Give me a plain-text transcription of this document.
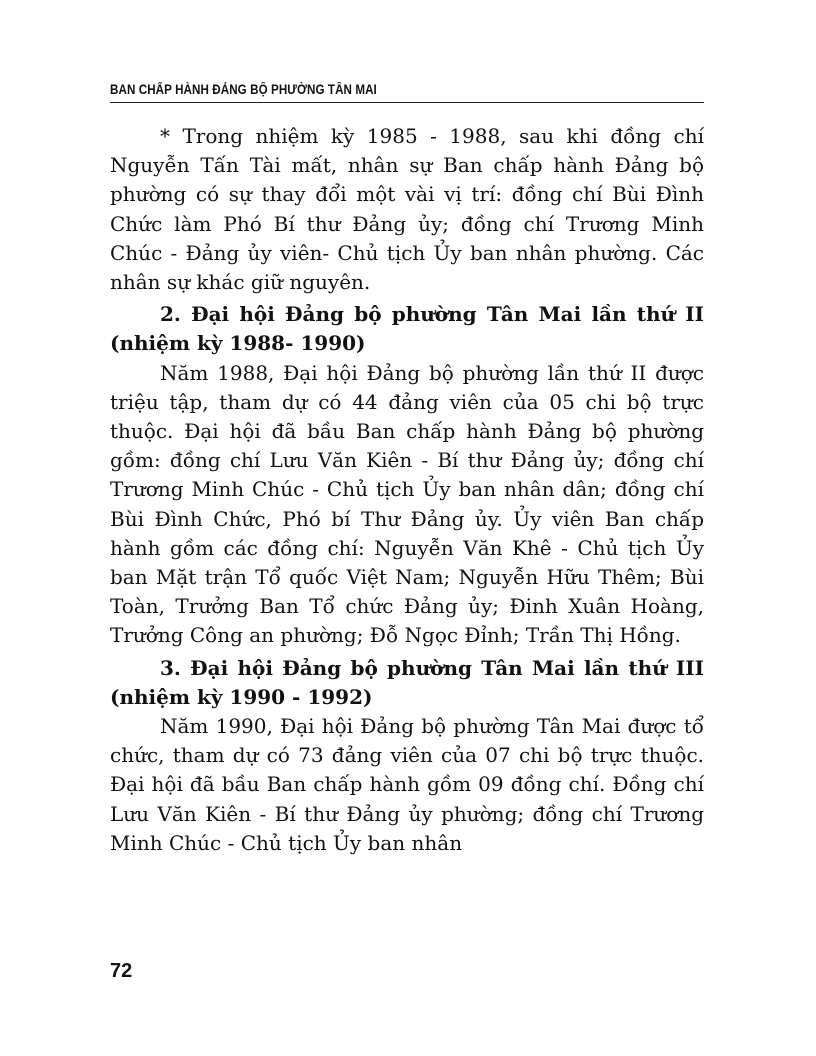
BAN CHẤP HÀNH ĐẢNG BỘ PHƯỜNG TÂN MAI

* Trong nhiệm kỳ 1985 - 1988, sau khi đồng chí Nguyễn Tấn Tài mất, nhân sự Ban chấp hành Đảng bộ phường có sự thay đổi một vài vị trí: đồng chí Bùi Đình Chức làm Phó Bí thư Đảng ủy; đồng chí Trương Minh Chúc - Đảng ủy viên- Chủ tịch Ủy ban nhân phường. Các nhân sự khác giữ nguyên.

2. Đại hội Đảng bộ phường Tân Mai lần thứ II (nhiệm kỳ 1988- 1990)

Năm 1988, Đại hội Đảng bộ phường lần thứ II được triệu tập, tham dự có 44 đảng viên của 05 chi bộ trực thuộc. Đại hội đã bầu Ban chấp hành Đảng bộ phường gồm: đồng chí Lưu Văn Kiên - Bí thư Đảng ủy; đồng chí Trương Minh Chúc - Chủ tịch Ủy ban nhân dân; đồng chí Bùi Đình Chức, Phó bí Thư Đảng ủy. Ủy viên Ban chấp hành gồm các đồng chí: Nguyễn Văn Khê - Chủ tịch Ủy ban Mặt trận Tổ quốc Việt Nam; Nguyễn Hữu Thêm; Bùi Toàn, Trưởng Ban Tổ chức Đảng ủy; Đinh Xuân Hoàng, Trưởng Công an phường; Đỗ Ngọc Đỉnh; Trần Thị Hồng.

3. Đại hội Đảng bộ phường Tân Mai lần thứ III (nhiệm kỳ 1990 - 1992)

Năm 1990, Đại hội Đảng bộ phường Tân Mai được tổ chức, tham dự có 73 đảng viên của 07 chi bộ trực thuộc. Đại hội đã bầu Ban chấp hành gồm 09 đồng chí. Đồng chí Lưu Văn Kiên - Bí thư Đảng ủy phường; đồng chí Trương Minh Chúc - Chủ tịch Ủy ban nhân

72
